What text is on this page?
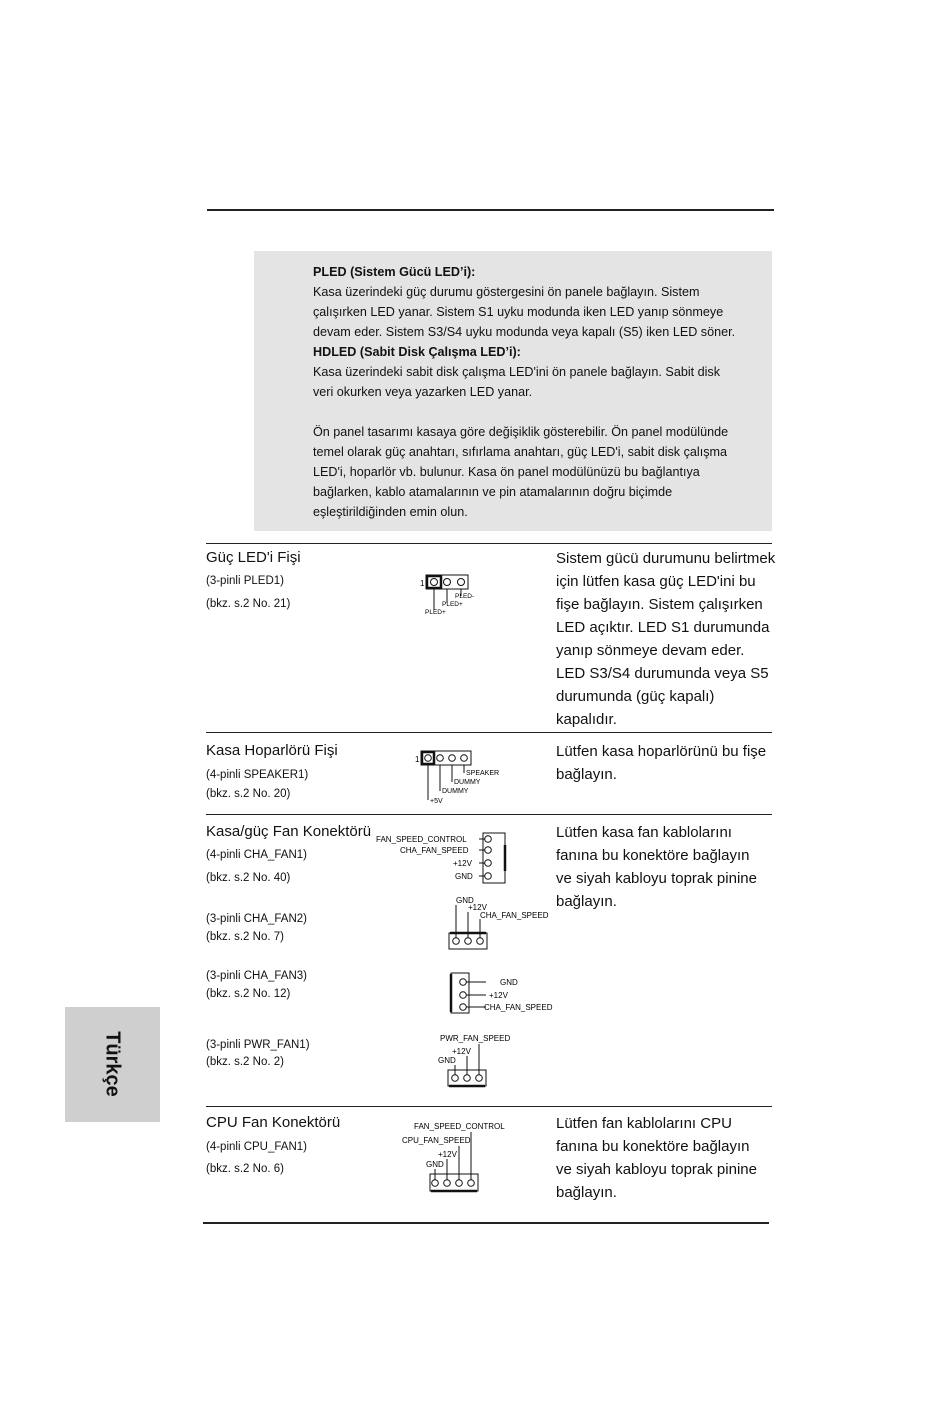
PLED (Sistem Gücü LED’i):

Kasa üzerindeki güç durumu göstergesini ön panele bağlayın. Sistem

çalışırken LED yanar. Sistem S1 uyku modunda iken LED yanıp sönmeye

devam eder. Sistem S3/S4 uyku modunda veya kapalı (S5) iken LED söner.

HDLED (Sabit Disk Çalışma LED’i):

Kasa üzerindeki sabit disk çalışma LED'ini ön panele bağlayın. Sabit disk

veri okurken veya yazarken LED yanar.

Ön panel tasarımı kasaya göre değişiklik gösterebilir. Ön panel modülünde

temel olarak güç anahtarı, sıfırlama anahtarı, güç LED'i, sabit disk çalışma

LED'i, hoparlör vb. bulunur. Kasa ön panel modülünüzü bu bağlantıya

bağlarken, kablo atamalarının ve pin atamalarının doğru biçimde

eşleştirildiğinden emin olun.

Güç LED'i Fişi
(3-pinli PLED1)
(bkz. s.2 No. 21)
Sistem gücü durumunu belirtmek
için lütfen kasa güç LED'ini bu
fişe bağlayın. Sistem çalışırken
LED açıktır. LED S1 durumunda
yanıp sönmeye devam eder.
LED S3/S4 durumunda veya S5
durumunda (güç kapalı)
kapalıdır.
1
PLED-
PLED+
PLED+
Kasa Hoparlörü Fişi
(4-pinli SPEAKER1)
(bkz. s.2 No. 20)
Lütfen kasa hoparlörünü bu fişe
bağlayın.
1
SPEAKER
DUMMY
DUMMY
+5V
Kasa/güç Fan Konektörü
(4-pinli CHA_FAN1)
(bkz. s.2 No. 40)
(3-pinli CHA_FAN2)
(bkz. s.2 No. 7)
(3-pinli CHA_FAN3)
(bkz. s.2 No. 12)
(3-pinli PWR_FAN1)
(bkz. s.2 No. 2)
Lütfen kasa fan kablolarını
fanına bu konektöre bağlayın
ve siyah kabloyu toprak pinine
bağlayın.
FAN_SPEED_CONTROL
CHA_FAN_SPEED
+12V
GND
GND
+12V
CHA_FAN_SPEED
GND
+12V
CHA_FAN_SPEED
PWR_FAN_SPEED
+12V
GND
CPU Fan Konektörü
(4-pinli CPU_FAN1)
(bkz. s.2 No. 6)
Lütfen fan kablolarını CPU
fanına bu konektöre bağlayın
ve siyah kabloyu toprak pinine
bağlayın.
FAN_SPEED_CONTROL
CPU_FAN_SPEED
+12V
GND
Türkçe
